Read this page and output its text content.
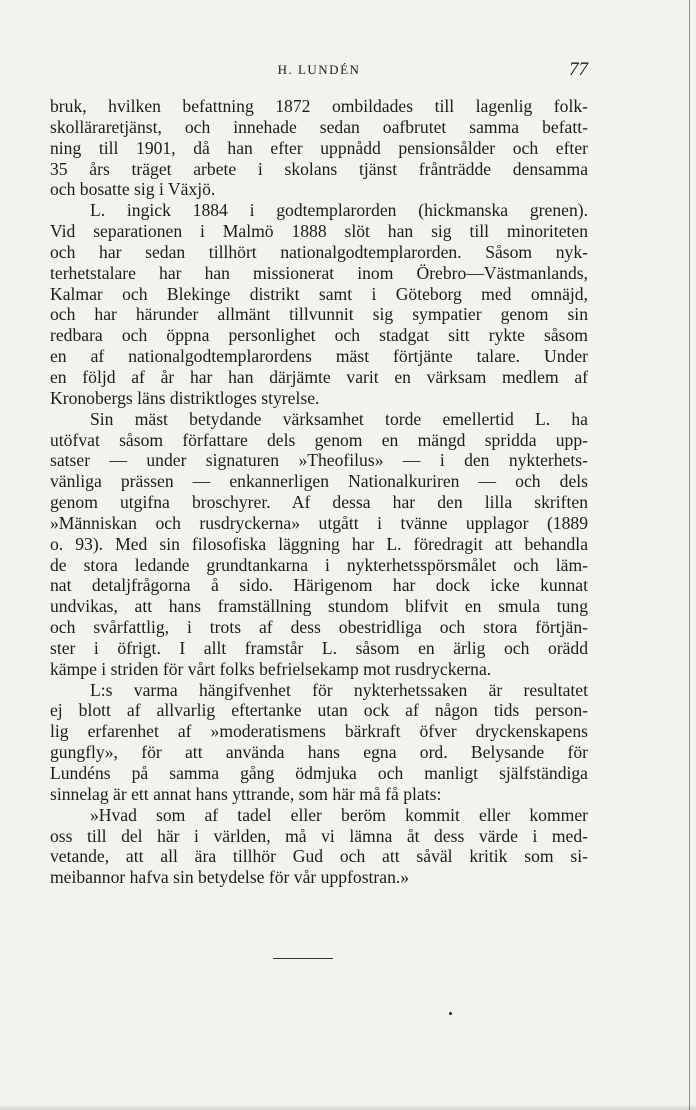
H. LUNDÉN	77

bruk, hvilken befattning 1872 ombildades till lagenlig folk-
skolläraretjänst, och innehade sedan oafbrutet samma befatt-
ning till 1901, då han efter uppnådd pensionsålder och efter
35 års träget arbete i skolans tjänst frånträdde densamma
och bosatte sig i Växjö.

L. ingick 1884 i godtemplarorden (hickmanska grenen).
Vid separationen i Malmö 1888 slöt han sig till minoriteten
och har sedan tillhört nationalgodtemplarorden. Såsom nyk-
terhetstalare har han missionerat inom Örebro—Västmanlands,
Kalmar och Blekinge distrikt samt i Göteborg med omnäjd,
och har härunder allmänt tillvunnit sig sympatier genom sin
redbara och öppna personlighet och stadgat sitt rykte såsom
en af nationalgodtemplarordens mäst förtjänte talare. Under
en följd af år har han därjämte varit en värksam medlem af
Kronobergs läns distriktloges styrelse.

Sin mäst betydande värksamhet torde emellertid L. ha
utöfvat såsom författare dels genom en mängd spridda upp-
satser — under signaturen »Theofilus» — i den nykterhets-
vänliga prässen — enkannerligen Nationalkuriren — och dels
genom utgifna broschyrer. Af dessa har den lilla skriften
»Människan och rusdryckerna» utgått i tvänne upplagor (1889
o. 93). Med sin filosofiska läggning har L. föredragit att behandla
de stora ledande grundtankarna i nykterhetsspörsmålet och läm-
nat detaljfrågorna å sido. Härigenom har dock icke kunnat
undvikas, att hans framställning stundom blifvit en smula tung
och svårfattlig, i trots af dess obestridliga och stora förtjän-
ster i öfrigt. I allt framstår L. såsom en ärlig och orädd
kämpe i striden för vårt folks befrielsekamp mot rusdryckerna.

L:s varma hängifvenhet för nykterhetssaken är resultatet
ej blott af allvarlig eftertanke utan ock af någon tids person-
lig erfarenhet af »moderatismens bärkraft öfver dryckenskapens
gungfly», för att använda hans egna ord. Belysande för
Lundéns på samma gång ödmjuka och manligt själfständiga
sinnelag är ett annat hans yttrande, som här må få plats:

»Hvad som af tadel eller beröm kommit eller kommer
oss till del här i världen, må vi lämna åt dess värde i med-
vetande, att all ära tillhör Gud och att såväl kritik som si-
meibannor hafva sin betydelse för vår uppfostran.»
